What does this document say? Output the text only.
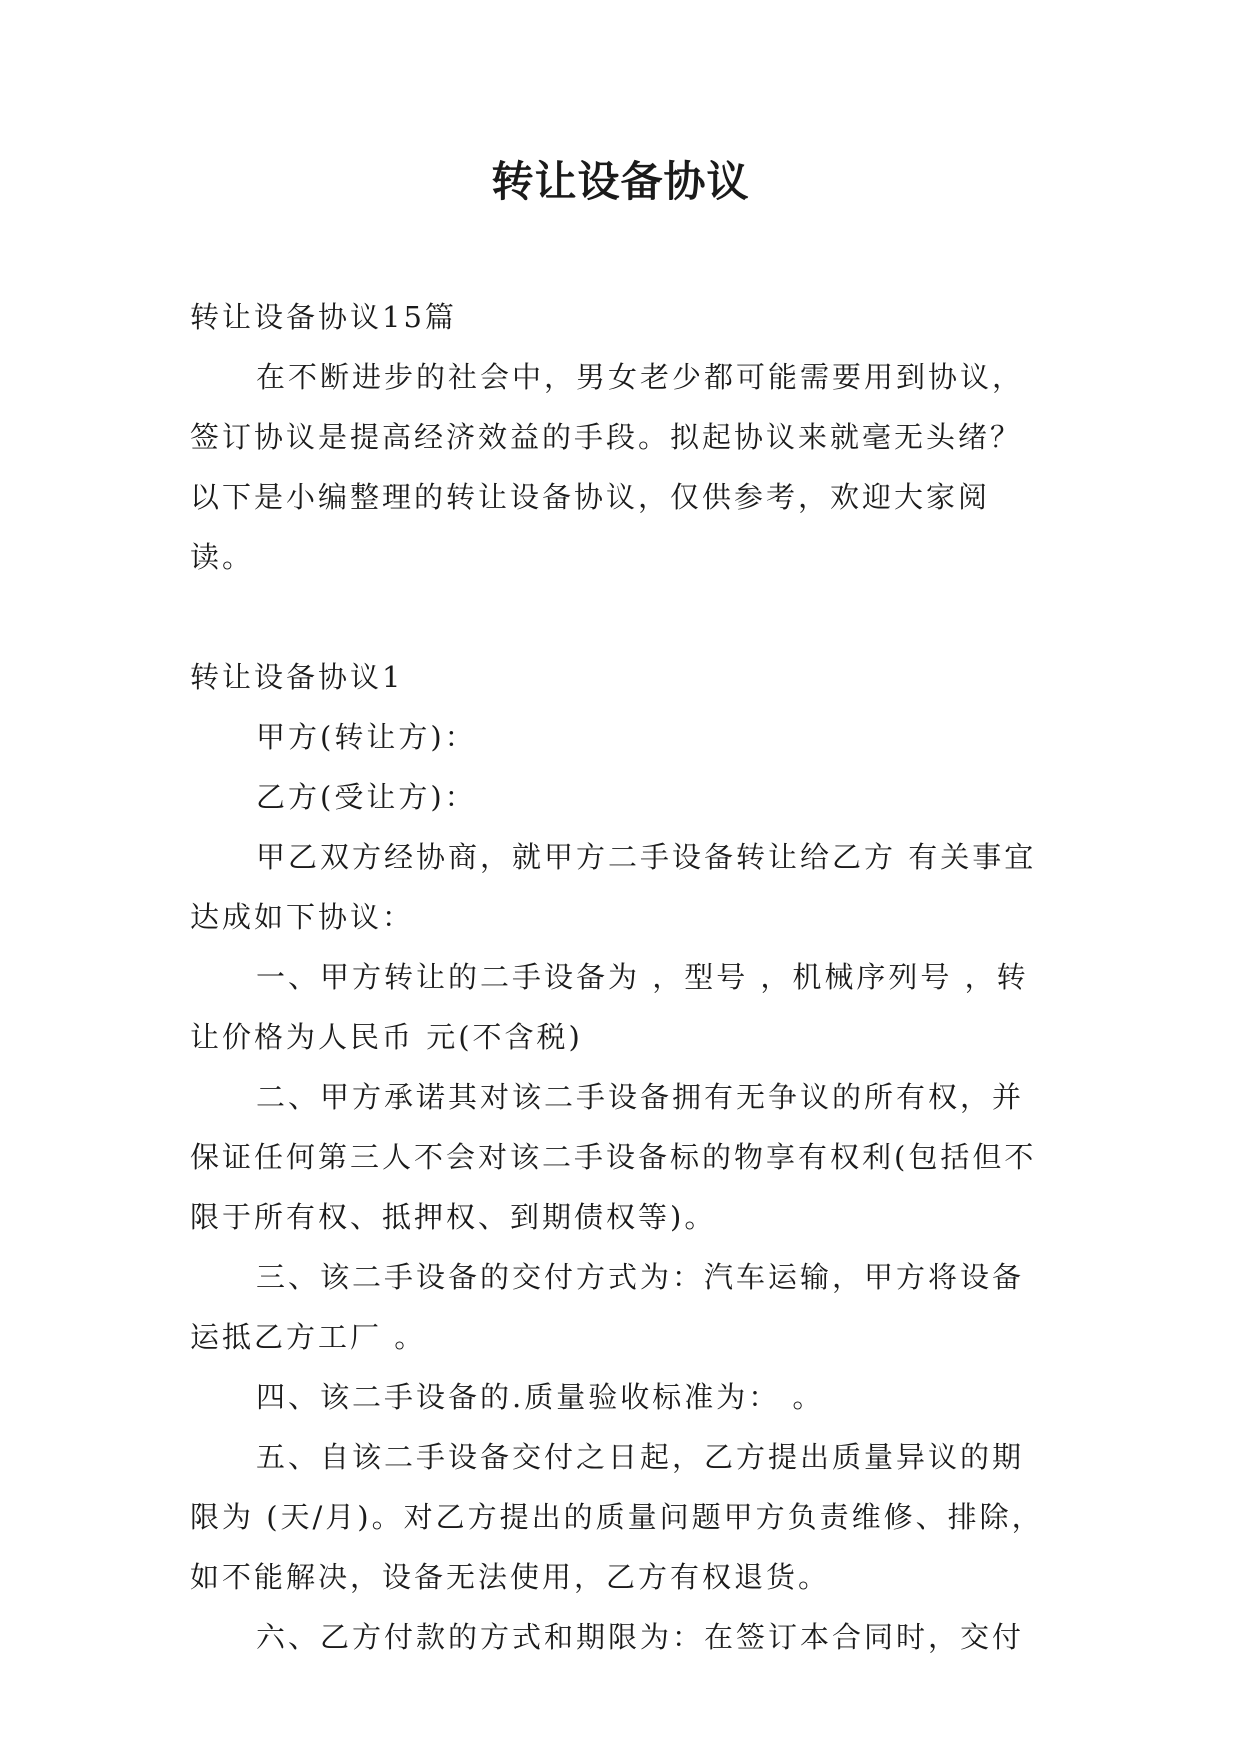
转让设备协议

转让设备协议15篇

在不断进步的社会中，男女老少都可能需要用到协议，签订协议是提高经济效益的手段。拟起协议来就毫无头绪？以下是小编整理的转让设备协议，仅供参考，欢迎大家阅读。

转让设备协议1

甲方(转让方)：

乙方(受让方)：

甲乙双方经协商，就甲方二手设备转让给乙方 有关事宜达成如下协议：

一、甲方转让的二手设备为 ，型号 ，机械序列号 ，转让价格为人民币 元(不含税)

二、甲方承诺其对该二手设备拥有无争议的所有权，并保证任何第三人不会对该二手设备标的物享有权利(包括但不限于所有权、抵押权、到期债权等)。

三、该二手设备的交付方式为：汽车运输，甲方将设备运抵乙方工厂 。

四、该二手设备的.质量验收标准为： 。

五、自该二手设备交付之日起，乙方提出质量异议的期限为 (天/月)。对乙方提出的质量问题甲方负责维修、排除，如不能解决，设备无法使用，乙方有权退货。

六、乙方付款的方式和期限为：在签订本合同时，交付
